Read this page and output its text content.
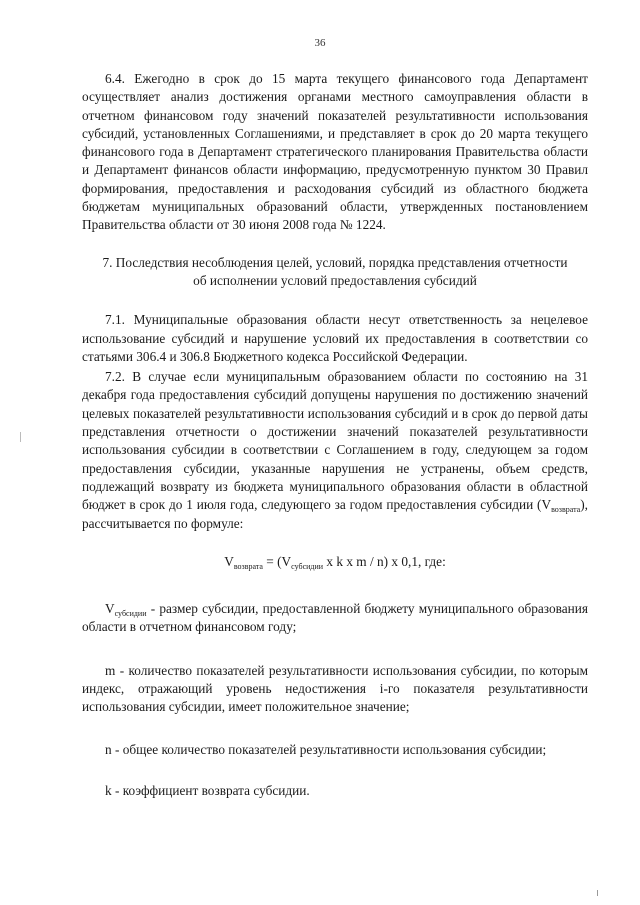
36

6.4. Ежегодно в срок до 15 марта текущего финансового года Департамент осуществляет анализ достижения органами местного самоуправления области в отчетном финансовом году значений показателей результативности использования субсидий, установленных Соглашениями, и представляет в срок до 20 марта текущего финансового года в Департамент стратегического планирования Правительства области и Департамент финансов области информацию, предусмотренную пунктом 30 Правил формирования, предоставления и расходования субсидий из областного бюджета бюджетам муниципальных образований области, утвержденных постановлением Правительства области от 30 июня 2008 года № 1224.

7. Последствия несоблюдения целей, условий, порядка представления отчетности
об исполнении условий предоставления субсидий

7.1. Муниципальные образования области несут ответственность за нецелевое использование субсидий и нарушение условий их предоставления в соответствии со статьями 306.4 и 306.8 Бюджетного кодекса Российской Федерации.

7.2. В случае если муниципальным образованием области по состоянию на 31 декабря года предоставления субсидий допущены нарушения по достижению значений целевых показателей результативности использования субсидий и в срок до первой даты представления отчетности о достижении значений показателей результативности использования субсидии в соответствии с Соглашением в году, следующем за годом предоставления субсидии, указанные нарушения не устранены, объем средств, подлежащий возврату из бюджета муниципального образования области в областной бюджет в срок до 1 июля года, следующего за годом предоставления субсидии $(V_{возврата})$, рассчитывается по формуле:

$V_{возврата} = (V_{субсидии}$ x k x m / n) x 0,1, где:

$V_{субсидии}$ - размер субсидии, предоставленной бюджету муниципального образования области в отчетном финансовом году;

m - количество показателей результативности использования субсидии, по которым индекс, отражающий уровень недостижения i-го показателя результативности использования субсидии, имеет положительное значение;

n - общее количество показателей результативности использования субсидии;

k - коэффициент возврата субсидии.
